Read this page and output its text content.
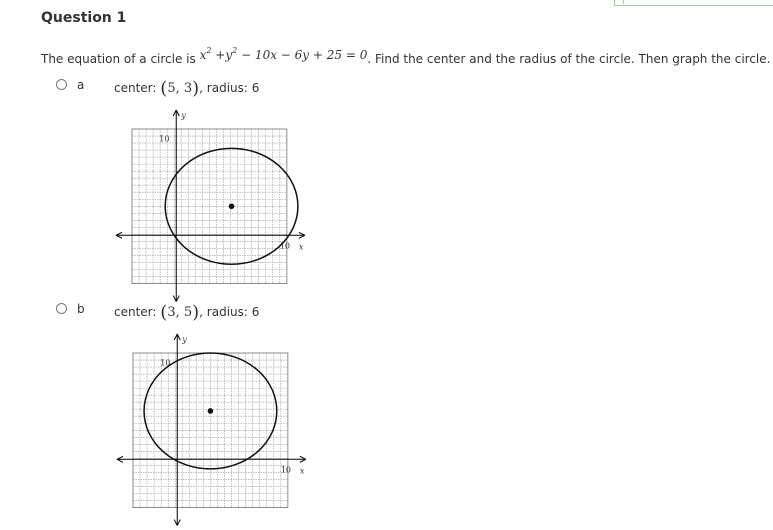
Question 1
The equation of a circle is $x^2 +y^2 - 10x - 6y + 25 = 0$. Find the center and the radius of the circle. Then graph the circle.
a center: (5, 3), radius: 6
x
y
10
10
b center: (3, 5), radius: 6
x
y
10
10
